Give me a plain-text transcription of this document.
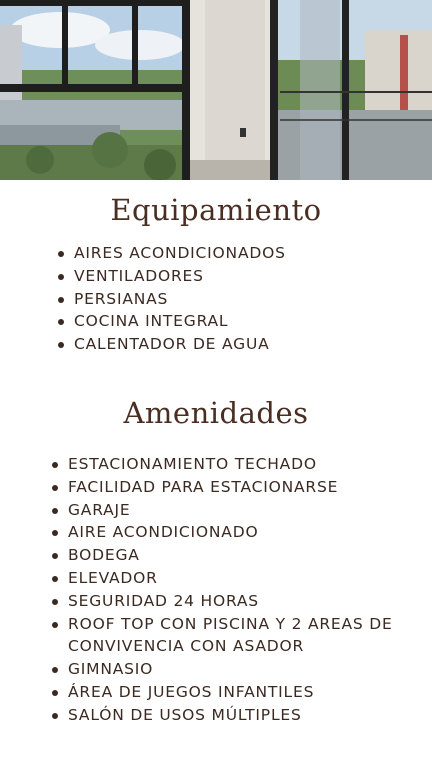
Equipamiento
AIRES ACONDICIONADOS
VENTILADORES
PERSIANAS
COCINA INTEGRAL
CALENTADOR DE AGUA
Amenidades
ESTACIONAMIENTO TECHADO
FACILIDAD PARA ESTACIONARSE
GARAJE
AIRE ACONDICIONADO
BODEGA
ELEVADOR
SEGURIDAD 24 HORAS
ROOF TOP CON PISCINA Y 2 AREAS DE CONVIVENCIA CON ASADOR
GIMNASIO
ÁREA DE JUEGOS INFANTILES
SALÓN DE USOS MÚLTIPLES
